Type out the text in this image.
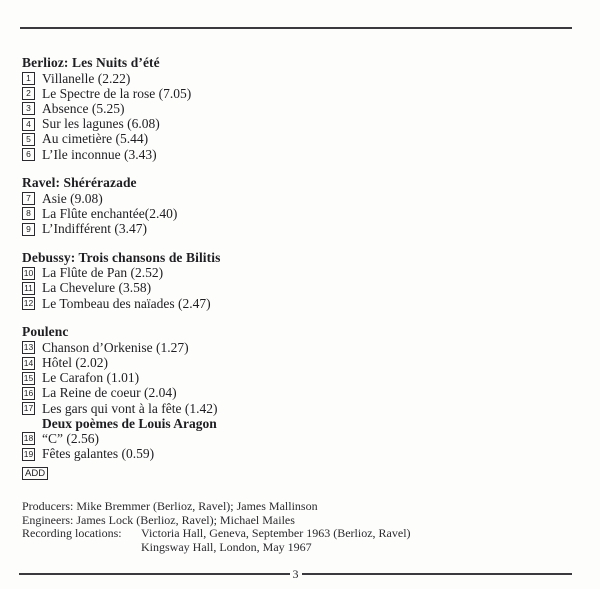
Berlioz: Les Nuits d’été
1 Villanelle (2.22)
2 Le Spectre de la rose (7.05)
3 Absence (5.25)
4 Sur les lagunes (6.08)
5 Au cimetière (5.44)
6 L’Ile inconnue (3.43)
Ravel: Shérérazade
7 Asie (9.08)
8 La Flûte enchantée(2.40)
9 L’Indifférent (3.47)
Debussy: Trois chansons de Bilitis
10 La Flûte de Pan (2.52)
11 La Chevelure (3.58)
12 Le Tombeau des naïades (2.47)
Poulenc
13 Chanson d’Orkenise (1.27)
14 Hôtel (2.02)
15 Le Carafon (1.01)
16 La Reine de coeur (2.04)
17 Les gars qui vont à la fête (1.42)
Deux poèmes de Louis Aragon
18 “C” (2.56)
19 Fêtes galantes (0.59)
ADD
Producers: Mike Bremmer (Berlioz, Ravel); James Mallinson
Engineers: James Lock (Berlioz, Ravel); Michael Mailes
Recording locations:	Victoria Hall, Geneva, September 1963 (Berlioz, Ravel)
Kingsway Hall, London, May 1967
3
